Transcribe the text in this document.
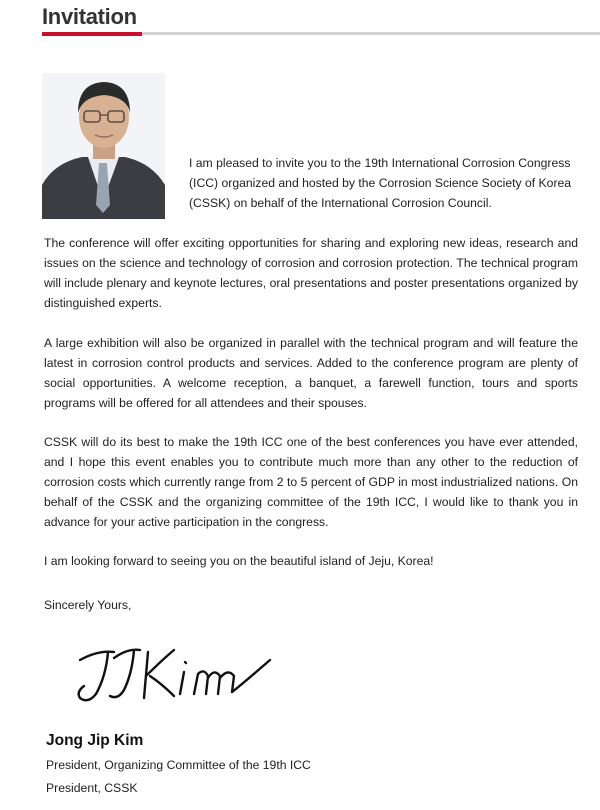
Invitation
I am pleased to invite you to the 19th International Corrosion Congress (ICC) organized and hosted by the Corrosion Science Society of Korea (CSSK) on behalf of the International Corrosion Council.

The conference will offer exciting opportunities for sharing and exploring new ideas, research and issues on the science and technology of corrosion and corrosion protection. The technical program will include plenary and keynote lectures, oral presentations and poster presentations organized by distinguished experts.

A large exhibition will also be organized in parallel with the technical program and will feature the latest in corrosion control products and services. Added to the conference program are plenty of social opportunities. A welcome reception, a banquet, a farewell function, tours and sports programs will be offered for all attendees and their spouses.

CSSK will do its best to make the 19th ICC one of the best conferences you have ever attended, and I hope this event enables you to contribute much more than any other to the reduction of corrosion costs which currently range from 2 to 5 percent of GDP in most industrialized nations. On behalf of the CSSK and the organizing committee of the 19th ICC, I would like to thank you in advance for your active participation in the congress.

I am looking forward to seeing you on the beautiful island of Jeju, Korea!

Sincerely Yours,
Jong Jip Kim
President, Organizing Committee of the 19th ICC
President, CSSK
